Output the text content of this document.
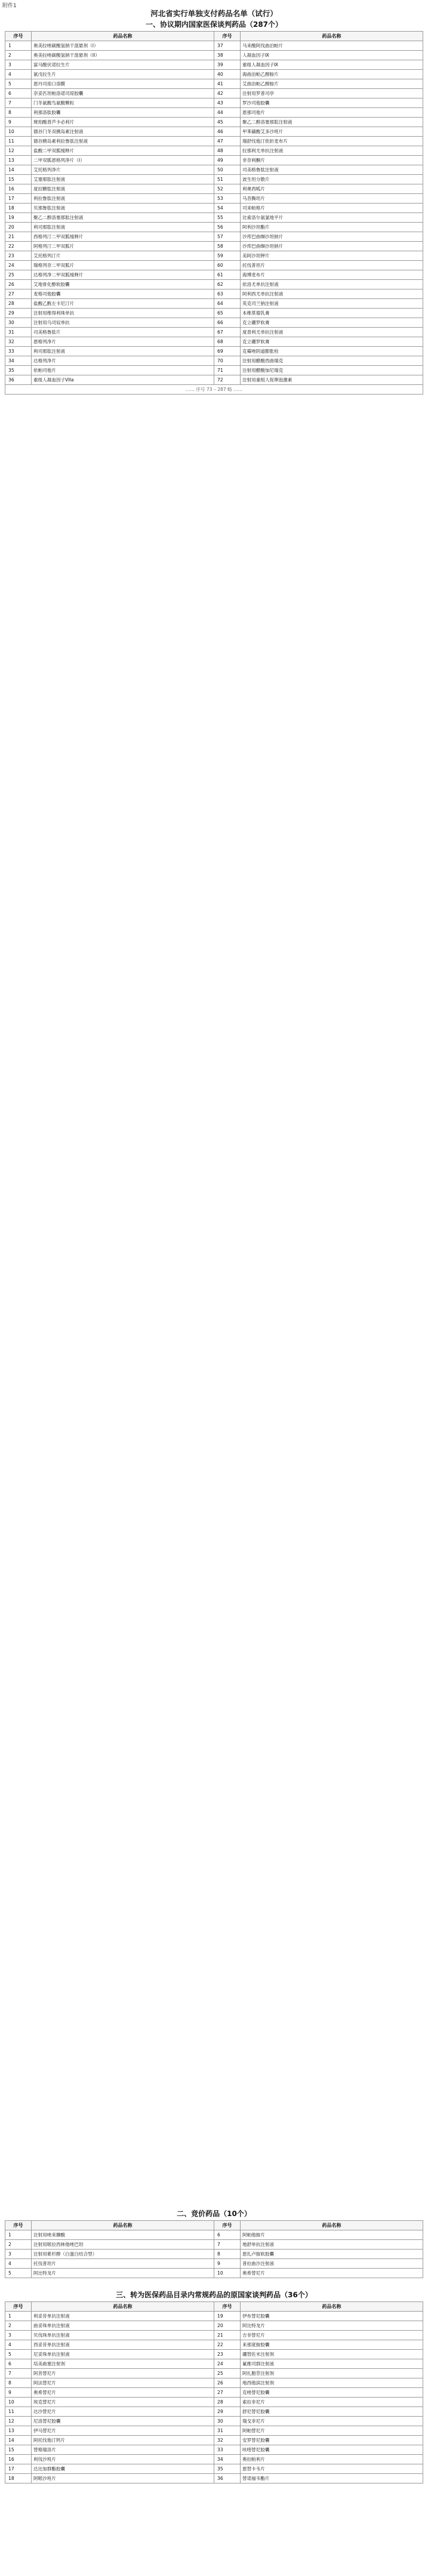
附件1
河北省实行单独支付药品名单（试行）
一、协议期内国家医保谈判药品（287个）
序号	药品名称	序号	药品名称
1	奥美拉唑碳酸氢钠干混悬剂（I）	37	马来酸阿伐曲泊帕片
2	奥美拉唑碳酸氢钠干混悬剂（II）	38	人凝血因子Ⅸ
3	富马酸伏诺拉生片	39	重组人凝血因子Ⅸ
4	氨戊拉生片	40	海曲泊帕乙醇胺片
5	恩丹司琼口溶膜	41	艾曲泊帕乙醇胺片
6	奈妥匹坦帕洛诺司琼胶囊	42	注射用罗普司亭
7	门冬氨酸鸟氨酸颗粒	43	罗沙司他胶囊
8	利那洛肽胶囊	44	恩那司他片
9	琥珀酸普芦卡必利片	45	聚乙二醇洛塞那肽注射液
10	德谷门冬双胰岛素注射液	46	甲苯磺酸艾多沙班片
11	德谷胰岛素利拉鲁肽注射液	47	瑞舒伐他汀依折麦布片
12	盐酸二甲双胍缓释片	48	拉那利尤单抗注射液
13	二甲双胍恩格列净片（I）	49	非奈利酮片
14	艾托格列净片	50	司美格鲁肽注射液
15	艾塞那肽注射液	51	波生坦分散片
16	度拉糖肽注射液	52	利奥西呱片
17	利拉鲁肽注射液	53	马昔腾坦片
18	贝那鲁肽注射液	54	司来帕格片
19	聚乙二醇洛塞那肽注射液	55	比索洛尔氨氯地平片
20	利司那肽注射液	56	阿利沙坦酯片
21	西格列汀二甲双胍缓释片	57	沙库巴曲缬沙坦钠片
22	阿格列汀二甲双胍片	58	沙库巴曲缬沙坦钠片
23	艾托格列汀片	59	美阿沙坦钾片
24	瑞格列奈二甲双胍片	60	托伐普坦片
25	达格列净二甲双胍缓释片	61	海博麦布片
26	艾地骨化醇软胶囊	62	依洛尤单抗注射液
27	麦格司他胶囊	63	阿利西尤单抗注射液
28	盐酸乙酰左卡尼汀片	64	英克司兰钠注射液
29	注射用维得利珠单抗	65	本维莫德乳膏
30	注射用乌司奴单抗	66	克立硼罗软膏
31	司美格鲁肽片	67	度普利尤单抗注射液
32	恩格列净片	68	克立硼罗软膏
33	利司那肽注射液	69	克霉唑阴道膨胀栓
34	达格列净片	70	注射用醋酸西曲瑞克
35	依帕司他片	71	注射用醋酸加尼瑞克
36	重组人凝血因子VIIa	72	注射用重组人促卵泡激素
…… 序号 73 – 287 略 ……			
二、竞价药品（10个）
序号	药品名称	序号	药品名称
1	注射用唑来膦酸	6	阿帕他胺片
2	注射用哌拉西林他唑巴坦	7	地舒单抗注射液
3	注射用紫杉醇（白蛋白结合型）	8	恩扎卢胺软胶囊
4	托伐普坦片	9	普拉曲沙注射液
5	阿比特龙片	10	奥希替尼片
三、转为医保药品目录内常规药品的原国家谈判药品（36个）
序号	药品名称	序号	药品名称
1	利妥昔单抗注射液	19	伊布替尼胶囊
2	曲妥珠单抗注射液	20	阿比特龙片
3	贝伐珠单抗注射液	21	吉非替尼片
4	西妥昔单抗注射液	22	来那度胺胶囊
5	尼妥珠单抗注射液	23	硼替佐米注射剂
6	培美曲塞注射剂	24	氟维司群注射液
7	阿昔替尼片	25	阿扎胞苷注射剂
8	阿法替尼片	26	地西他滨注射剂
9	奥希替尼片	27	克唑替尼胶囊
10	埃克替尼片	28	索拉非尼片
11	达沙替尼片	29	舒尼替尼胶囊
12	尼洛替尼胶囊	30	瑞戈非尼片
13	伊马替尼片	31	阿帕替尼片
14	阿托伐他汀钙片	32	安罗替尼胶囊
15	替格瑞洛片	33	呋喹替尼胶囊
16	利伐沙班片	34	奥拉帕利片
17	达比加群酯胶囊	35	恩替卡韦片
18	阿哌沙班片	36	替诺福韦酯片
